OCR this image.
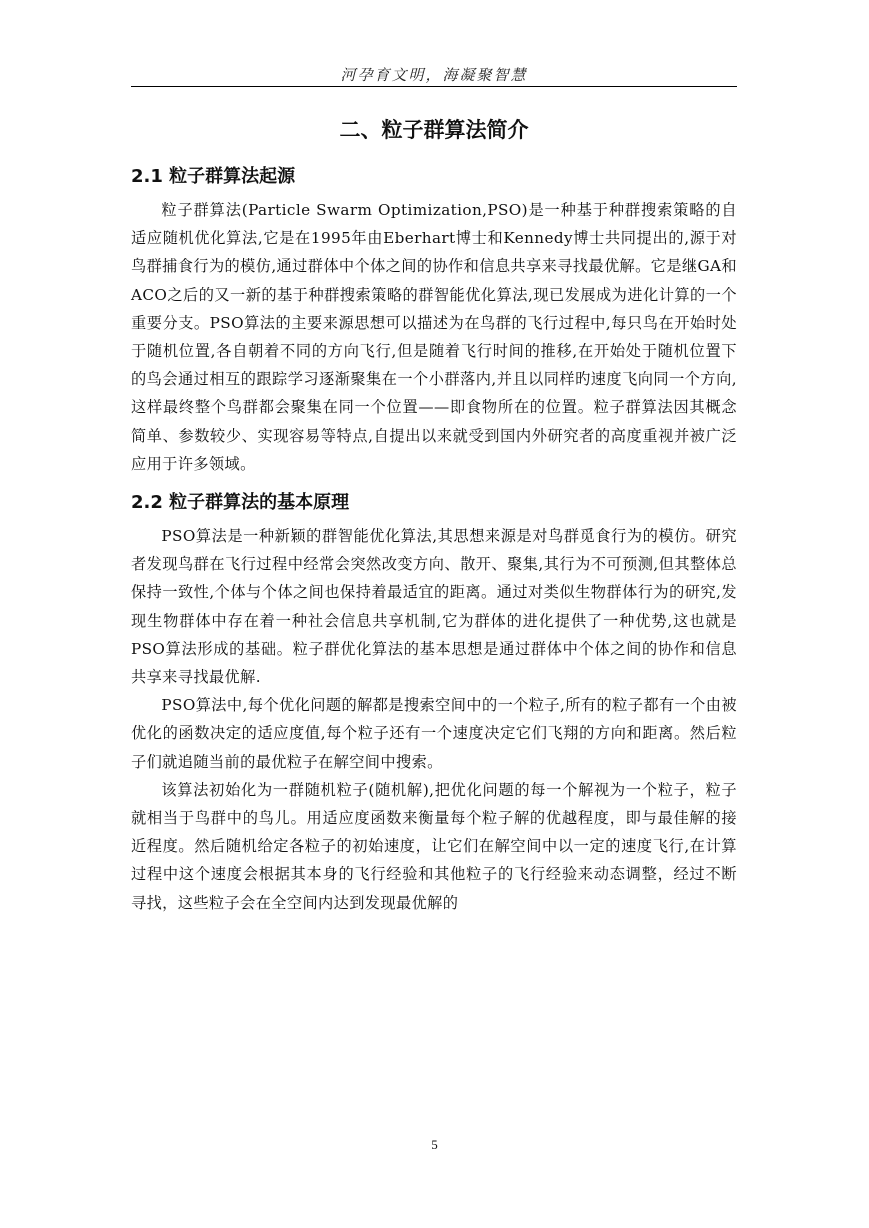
河孕育文明，海凝聚智慧
二、粒子群算法简介
2.1 粒子群算法起源

粒子群算法(Particle Swarm Optimization,PSO)是一种基于种群搜索策略的自适应随机优化算法,它是在1995年由Eberhart博士和Kennedy博士共同提出的,源于对鸟群捕食行为的模仿,通过群体中个体之间的协作和信息共享来寻找最优解。它是继GA和ACO之后的又一新的基于种群搜索策略的群智能优化算法,现已发展成为进化计算的一个重要分支。PSO算法的主要来源思想可以描述为在鸟群的飞行过程中,每只鸟在开始时处于随机位置,各自朝着不同的方向飞行,但是随着飞行时间的推移,在开始处于随机位置下的鸟会通过相互的跟踪学习逐渐聚集在一个小群落内,并且以同样旳速度飞向同一个方向,这样最终整个鸟群都会聚集在同一个位置——即食物所在的位置。粒子群算法因其概念简单、参数较少、实现容易等特点,自提出以来就受到国内外研究者的高度重视并被广泛应用于许多领域。

2.2 粒子群算法的基本原理

PSO算法是一种新颖的群智能优化算法,其思想来源是对鸟群觅食行为的模仿。研究者发现鸟群在飞行过程中经常会突然改变方向、散开、聚集,其行为不可预测,但其整体总保持一致性,个体与个体之间也保持着最适宜的距离。通过对类似生物群体行为的研究,发现生物群体中存在着一种社会信息共享机制,它为群体的进化提供了一种优势,这也就是PSO算法形成的基础。粒子群优化算法的基本思想是通过群体中个体之间的协作和信息共享来寻找最优解.

PSO算法中,每个优化问题的解都是搜索空间中的一个粒子,所有的粒子都有一个由被优化的函数决定的适应度值,每个粒子还有一个速度决定它们飞翔的方向和距离。然后粒子们就追随当前的最优粒子在解空间中搜索。

该算法初始化为一群随机粒子(随机解),把优化问题的每一个解视为一个粒子，粒子就相当于鸟群中的鸟儿。用适应度函数来衡量每个粒子解的优越程度，即与最佳解的接近程度。然后随机给定各粒子的初始速度，让它们在解空间中以一定的速度飞行,在计算过程中这个速度会根据其本身的飞行经验和其他粒子的飞行经验来动态调整，经过不断寻找，这些粒子会在全空间内达到发现最优解的

5
